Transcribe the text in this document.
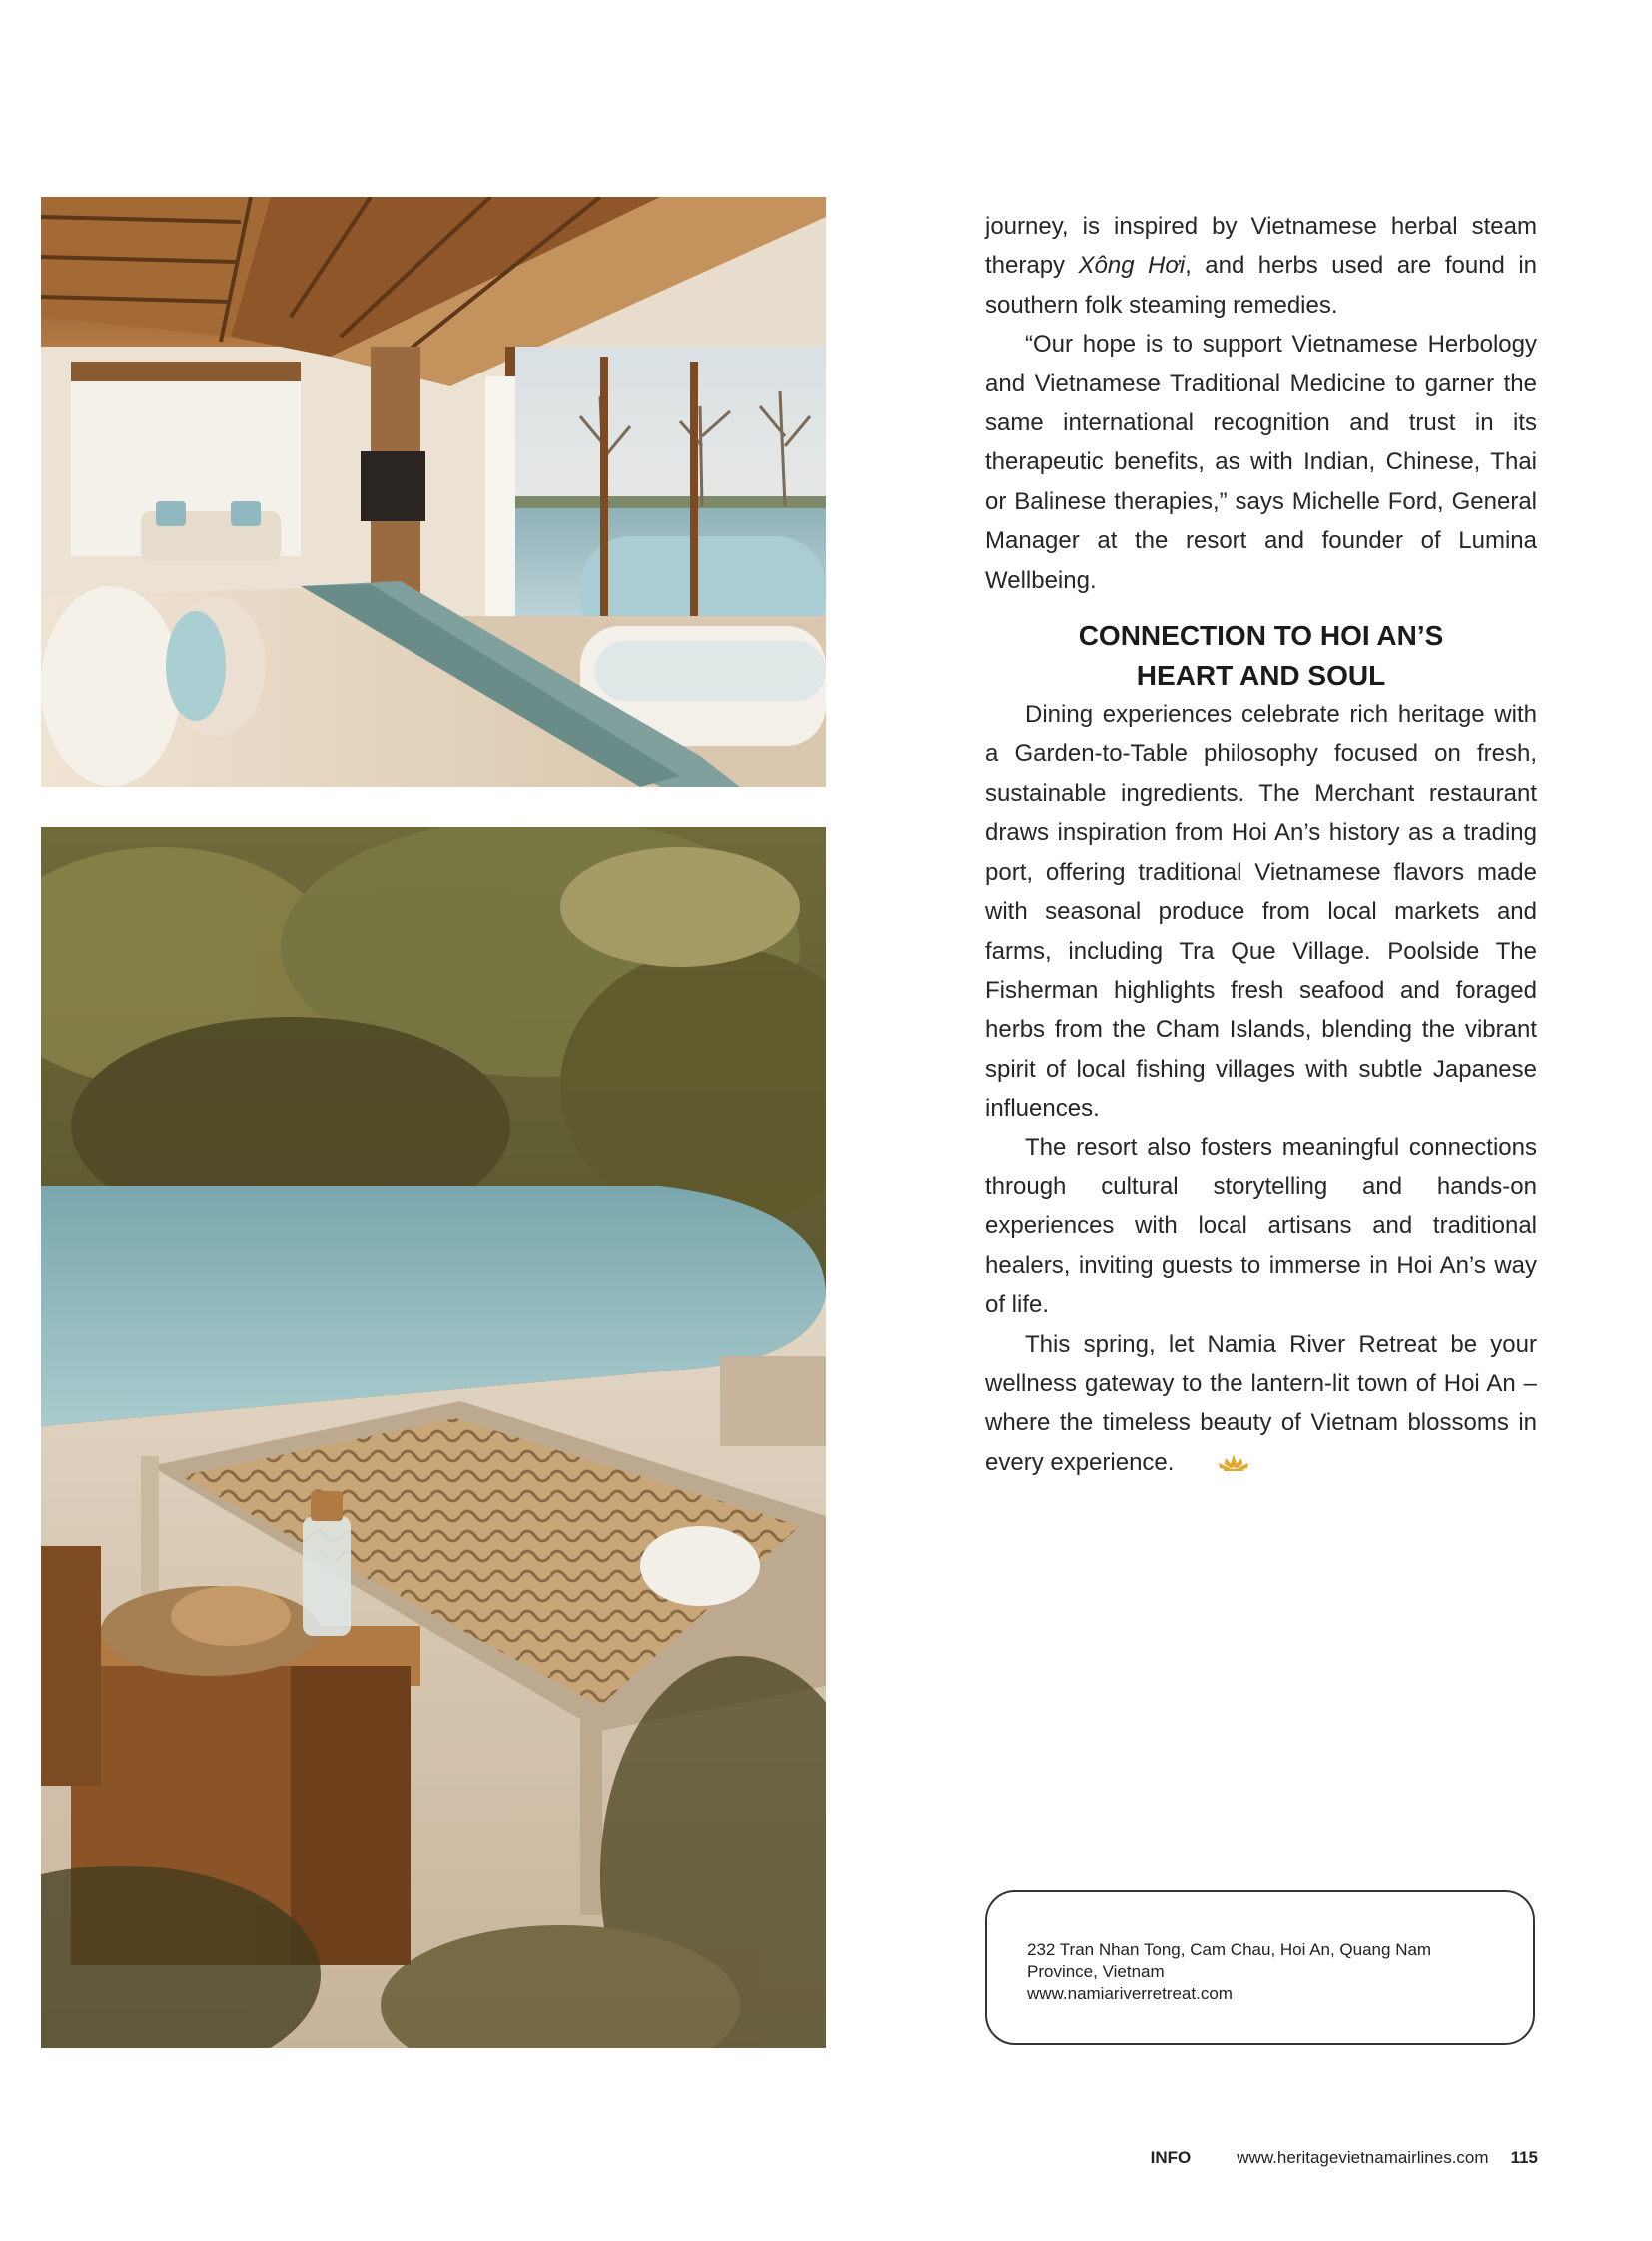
journey, is inspired by Vietnamese herbal steam therapy Xông Hơi, and herbs used are found in southern folk steaming remedies.

“Our hope is to support Vietnamese Herbology and Vietnamese Traditional Medicine to garner the same international recognition and trust in its therapeutic benefits, as with Indian, Chinese, Thai or Balinese therapies,” says Michelle Ford, General Manager at the resort and founder of Lumina Wellbeing.

CONNECTION TO HOI AN’S
HEART AND SOUL

Dining experiences celebrate rich heritage with a Garden-to-Table philosophy focused on fresh, sustainable ingredients. The Merchant restaurant draws inspiration from Hoi An’s history as a trading port, offering traditional Vietnamese flavors made with seasonal produce from local markets and farms, including Tra Que Village. Poolside The Fisherman highlights fresh seafood and foraged herbs from the Cham Islands, blending the vibrant spirit of local fishing villages with subtle Japanese influences.

The resort also fosters meaningful connections through cultural storytelling and hands-on experiences with local artisans and traditional healers, inviting guests to immerse in Hoi An’s way of life.

This spring, let Namia River Retreat be your wellness gateway to the lantern-lit town of Hoi An – where the timeless beauty of Vietnam blossoms in every experience.

232 Tran Nhan Tong, Cam Chau, Hoi An, Quang Nam
Province, Vietnam
www.namiariverretreat.com
INFO	www.heritagevietnamairlines.com 115
